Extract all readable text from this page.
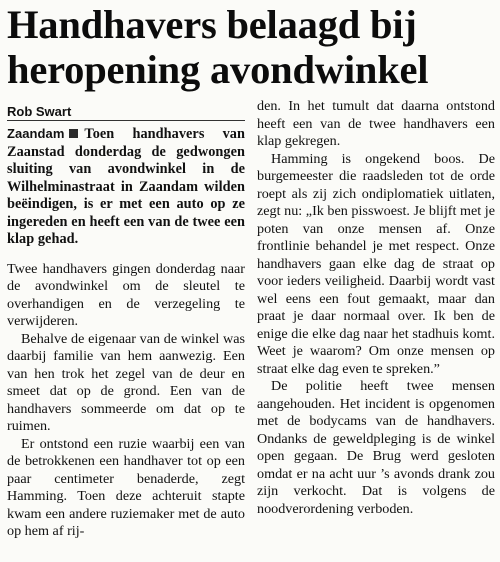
Handhavers belaagd bij
heropening avondwinkel
Rob Swart

Zaandam Toen handhavers van Zaanstad donderdag de gedwongen sluiting van avondwinkel in de Wilhelminastraat in Zaandam wilden beëindigen, is er met een auto op ze ingereden en heeft een van de twee een klap gehad.

Twee handhavers gingen donderdag naar de avondwinkel om de sleutel te overhandigen en de verzegeling te verwijderen.

Behalve de eigenaar van de winkel was daarbij familie van hem aanwezig. Een van hen trok het zegel van de deur en smeet dat op de grond. Een van de handhavers sommeerde om dat op te ruimen.

Er ontstond een ruzie waarbij een van de betrokkenen een handhaver tot op een paar centimeter benaderde, zegt Hamming. Toen deze achteruit stapte kwam een andere ruziemaker met de auto op hem af rij-

den. In het tumult dat daarna ontstond heeft een van de twee handhavers een klap gekregen.

Hamming is ongekend boos. De burgemeester die raadsleden tot de orde roept als zij zich ondiplomatiek uitlaten, zegt nu: „Ik ben pisswoest. Je blijft met je poten van onze mensen af. Onze frontlinie behandel je met respect. Onze handhavers gaan elke dag de straat op voor ieders veiligheid. Daarbij wordt vast wel eens een fout gemaakt, maar dan praat je daar normaal over. Ik ben de enige die elke dag naar het stadhuis komt. Weet je waarom? Om onze mensen op straat elke dag even te spreken.”

De politie heeft twee mensen aangehouden. Het incident is opgenomen met de bodycams van de handhavers. Ondanks de geweldpleging is de winkel open gegaan. De Brug werd gesloten omdat er na acht uur ’s avonds drank zou zijn verkocht. Dat is volgens de noodverordening verboden.
